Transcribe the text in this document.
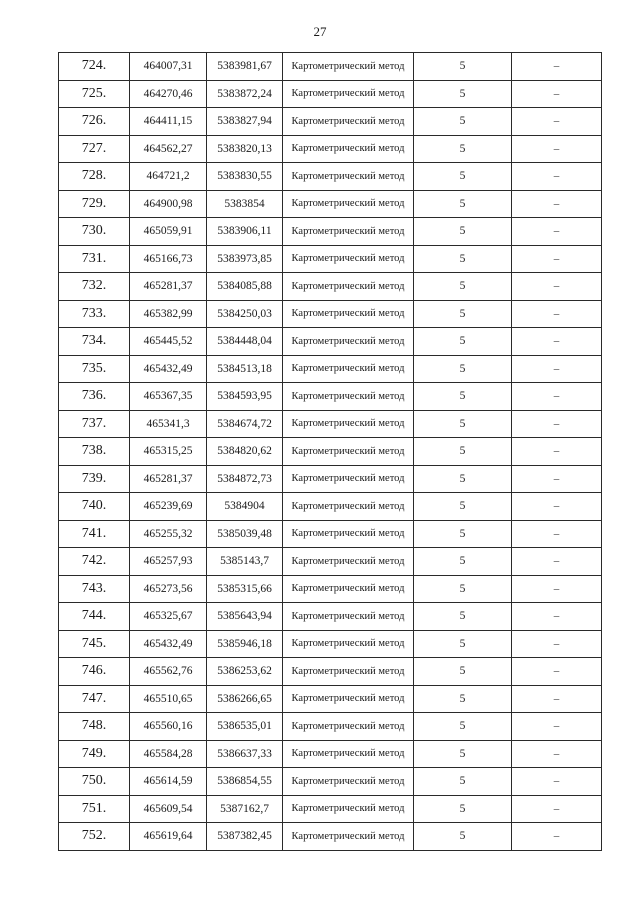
27
724.	464007,31	5383981,67	Картометрический метод	5	–
725.	464270,46	5383872,24	Картометрический метод	5	–
726.	464411,15	5383827,94	Картометрический метод	5	–
727.	464562,27	5383820,13	Картометрический метод	5	–
728.	464721,2	5383830,55	Картометрический метод	5	–
729.	464900,98	5383854	Картометрический метод	5	–
730.	465059,91	5383906,11	Картометрический метод	5	–
731.	465166,73	5383973,85	Картометрический метод	5	–
732.	465281,37	5384085,88	Картометрический метод	5	–
733.	465382,99	5384250,03	Картометрический метод	5	–
734.	465445,52	5384448,04	Картометрический метод	5	–
735.	465432,49	5384513,18	Картометрический метод	5	–
736.	465367,35	5384593,95	Картометрический метод	5	–
737.	465341,3	5384674,72	Картометрический метод	5	–
738.	465315,25	5384820,62	Картометрический метод	5	–
739.	465281,37	5384872,73	Картометрический метод	5	–
740.	465239,69	5384904	Картометрический метод	5	–
741.	465255,32	5385039,48	Картометрический метод	5	–
742.	465257,93	5385143,7	Картометрический метод	5	–
743.	465273,56	5385315,66	Картометрический метод	5	–
744.	465325,67	5385643,94	Картометрический метод	5	–
745.	465432,49	5385946,18	Картометрический метод	5	–
746.	465562,76	5386253,62	Картометрический метод	5	–
747.	465510,65	5386266,65	Картометрический метод	5	–
748.	465560,16	5386535,01	Картометрический метод	5	–
749.	465584,28	5386637,33	Картометрический метод	5	–
750.	465614,59	5386854,55	Картометрический метод	5	–
751.	465609,54	5387162,7	Картометрический метод	5	–
752.	465619,64	5387382,45	Картометрический метод	5	–
